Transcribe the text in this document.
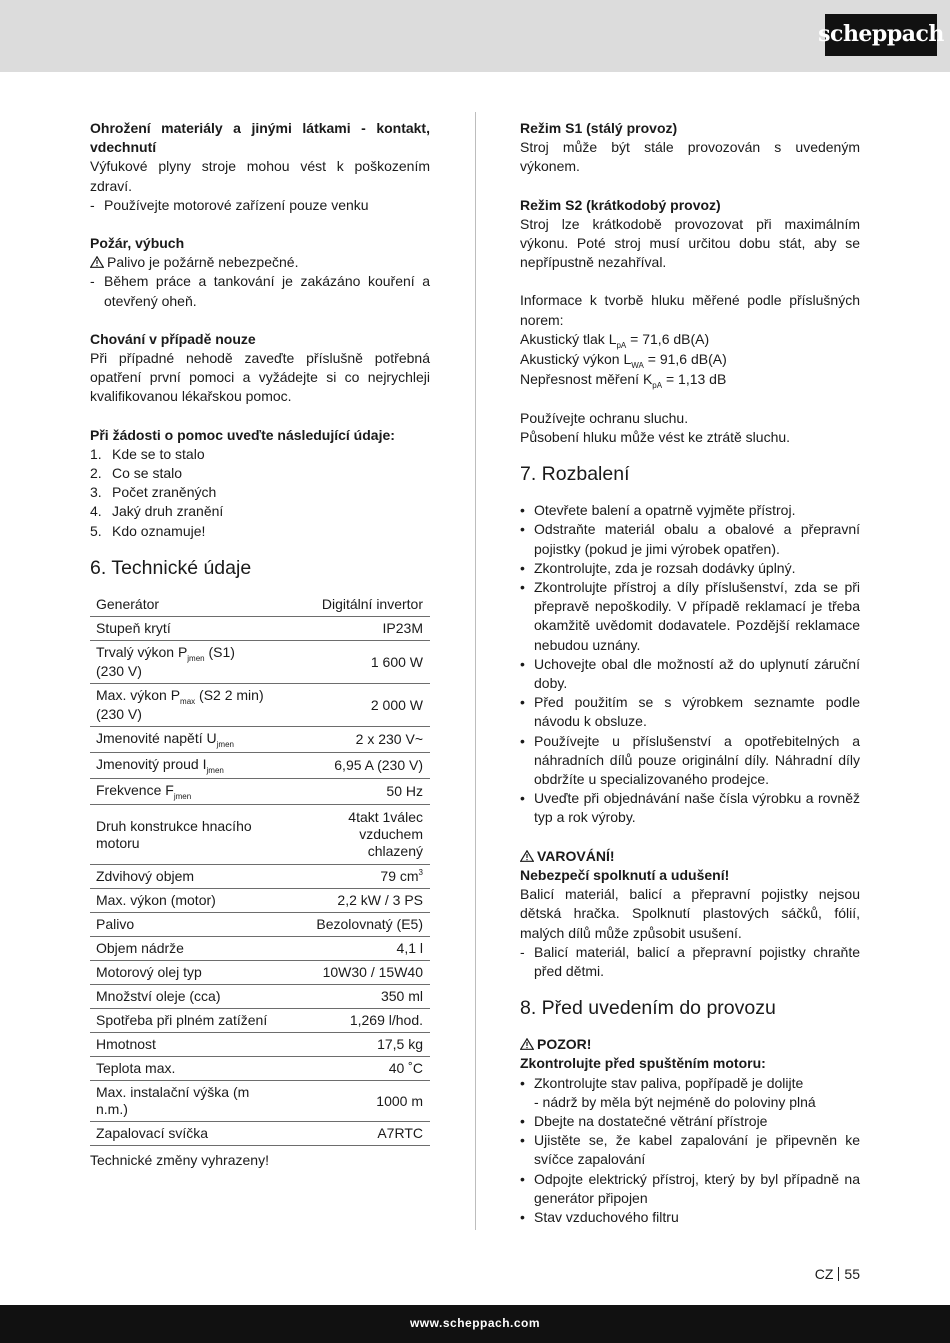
scheppach

Ohrožení materiály a jinými látkami - kontakt, vdechnutí

Výfukové plyny stroje mohou vést k poškozením zdraví.

- Používejte motorové zařízení pouze venku

Požár, výbuch

Palivo je požárně nebezpečné.

- Během práce a tankování je zakázáno kouření a otevřený oheň.

Chování v případě nouze

Při případné nehodě zaveďte příslušně potřebná opatření první pomoci a vyžádejte si co nejrychleji kvalifikovanou lékařskou pomoc.

Při žádosti o pomoc uveďte následující údaje:

1. Kde se to stalo
2. Co se stalo
3. Počet zraněných
4. Jaký druh zranění
5. Kdo oznamuje!
6. Technické údaje
Generátor	Digitální invertor
Stupeň krytí	IP23M
Trvalý výkon $P_{jmen}$ (S1)
(230 V)	1 600 W
Max. výkon $P_{max}$ (S2 2 min)
(230 V)	2 000 W
Jmenovité napětí $U_{jmen}$	2 x 230 V~
Jmenovitý proud $I_{jmen}$	6,95 A (230 V)
Frekvence $F_{jmen}$	50 Hz
Druh konstrukce hnacího motoru	4takt 1válec
vzduchem
chlazený
Zdvihový objem	79 $cm^3$
Max. výkon (motor)	2,2 kW / 3 PS
Palivo	Bezolovnatý (E5)
Objem nádrže	4,1 l
Motorový olej typ	10W30 / 15W40
Množství oleje (cca)	350 ml
Spotřeba při plném zatížení	1,269 l/hod.
Hmotnost	17,5 kg
Teplota max.	40 ˚C
Max. instalační výška (m n.m.)	1000 m
Zapalovací svíčka	A7RTC

Technické změny vyhrazeny!

Režim S1 (stálý provoz)

Stroj může být stále provozován s uvedeným výkonem.

Režim S2 (krátkodobý provoz)

Stroj lze krátkodobě provozovat při maximálním výkonu. Poté stroj musí určitou dobu stát, aby se nepřípustně nezahříval.

Informace k tvorbě hluku měřené podle příslušných norem:

Akustický tlak $L_{pA} = 71,6$ dB(A)

Akustický výkon $L_{WA} = 91,6$ dB(A)

Nepřesnost měření $K_{pA} = 1,13$ dB

Používejte ochranu sluchu.

Působení hluku může vést ke ztrátě sluchu.

7. Rozbalení
• Otevřete balení a opatrně vyjměte přístroj.
• Odstraňte materiál obalu a obalové a přepravní pojistky (pokud je jimi výrobek opatřen).
• Zkontrolujte, zda je rozsah dodávky úplný.
• Zkontrolujte přístroj a díly příslušenství, zda se při přepravě nepoškodily. V případě reklamací je třeba okamžitě uvědomit dodavatele. Pozdější reklamace nebudou uznány.
• Uchovejte obal dle možností až do uplynutí záruční doby.
• Před použitím se s výrobkem seznamte podle návodu k obsluze.
• Používejte u příslušenství a opotřebitelných a náhradních dílů pouze originální díly. Náhradní díly obdržíte u specializovaného prodejce.
• Uveďte při objednávání naše čísla výrobku a rovněž typ a rok výroby.

VAROVÁNÍ!

Nebezpečí spolknutí a udušení!

Balicí materiál, balicí a přepravní pojistky nejsou dětská hračka. Spolknutí plastových sáčků, fólií, malých dílů může způsobit usušení.

- Balicí materiál, balicí a přepravní pojistky chraňte před dětmi.
8. Před uvedením do provozu

POZOR!

Zkontrolujte před spuštěním motoru:

• Zkontrolujte stav paliva, popřípadě je dolijte
- nádrž by měla být nejméně do poloviny plná
• Dbejte na dostatečné větrání přístroje
• Ujistěte se, že kabel zapalování je připevněn ke svíčce zapalování
• Odpojte elektrický přístroj, který by byl případně na generátor připojen
• Stav vzduchového filtru
CZ 55
www.scheppach.com
